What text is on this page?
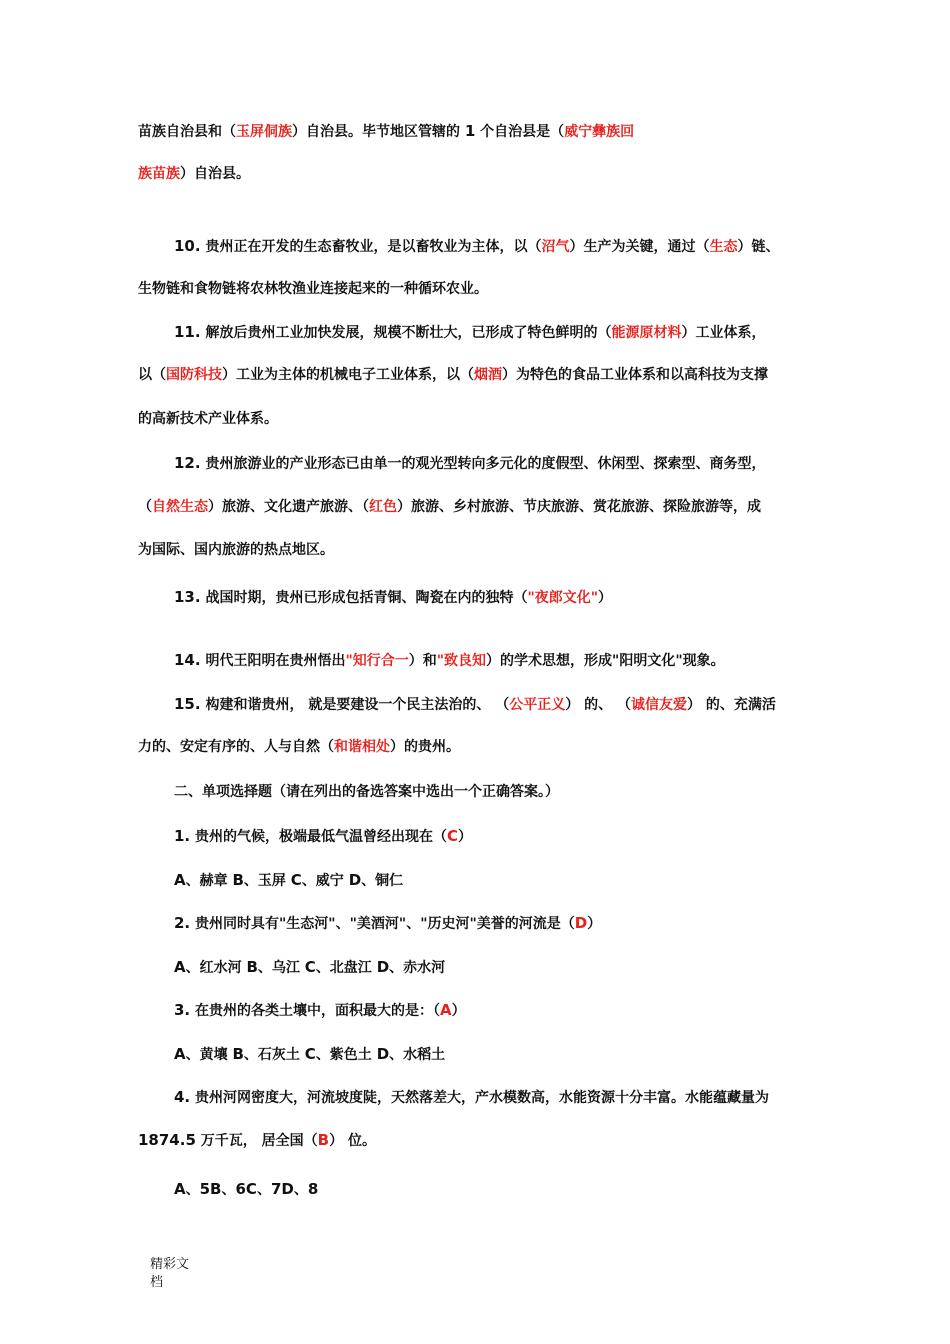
苗族自治县和（玉屏侗族）自治县。毕节地区管辖的 1 个自治县是（威宁彝族回
族苗族）自治县。
10. 贵州正在开发的生态畜牧业，是以畜牧业为主体，以（沼气）生产为关键，通过（生态）链、
生物链和食物链将农林牧渔业连接起来的一种循环农业。
11. 解放后贵州工业加快发展，规模不断壮大，已形成了特色鲜明的（能源原材料）工业体系，
以（国防科技）工业为主体的机械电子工业体系，以（烟酒）为特色的食品工业体系和以高科技为支撑
的高新技术产业体系。
12. 贵州旅游业的产业形态已由单一的观光型转向多元化的度假型、休闲型、探索型、商务型，
（自然生态）旅游、文化遗产旅游、（红色）旅游、乡村旅游、节庆旅游、赏花旅游、探险旅游等，成
为国际、国内旅游的热点地区。
13. 战国时期，贵州已形成包括青铜、陶瓷在内的独特（"夜郎文化"）
14. 明代王阳明在贵州悟出"知行合一）和"致良知）的学术思想，形成"阳明文化"现象。
15. 构建和谐贵州， 就是要建设一个民主法治的、 （公平正义） 的、 （诚信友爱） 的、充满活
力的、安定有序的、人与自然（和谐相处）的贵州。
二、单项选择题（请在列出的备选答案中选出一个正确答案。）
1. 贵州的气候，极端最低气温曾经出现在（C）
A、赫章 B、玉屏 C、威宁 D、铜仁
2. 贵州同时具有"生态河"、"美酒河"、"历史河"美誉的河流是（D）
A、红水河 B、乌江 C、北盘江 D、赤水河
3. 在贵州的各类土壤中，面积最大的是：（A）
A、黄壤 B、石灰土 C、紫色土 D、水稻土
4. 贵州河网密度大，河流坡度陡，天然落差大，产水模数高，水能资源十分丰富。水能蕴藏量为
1874.5 万千瓦， 居全国（B） 位。
A、5B、6C、7D、8
精彩文
档
